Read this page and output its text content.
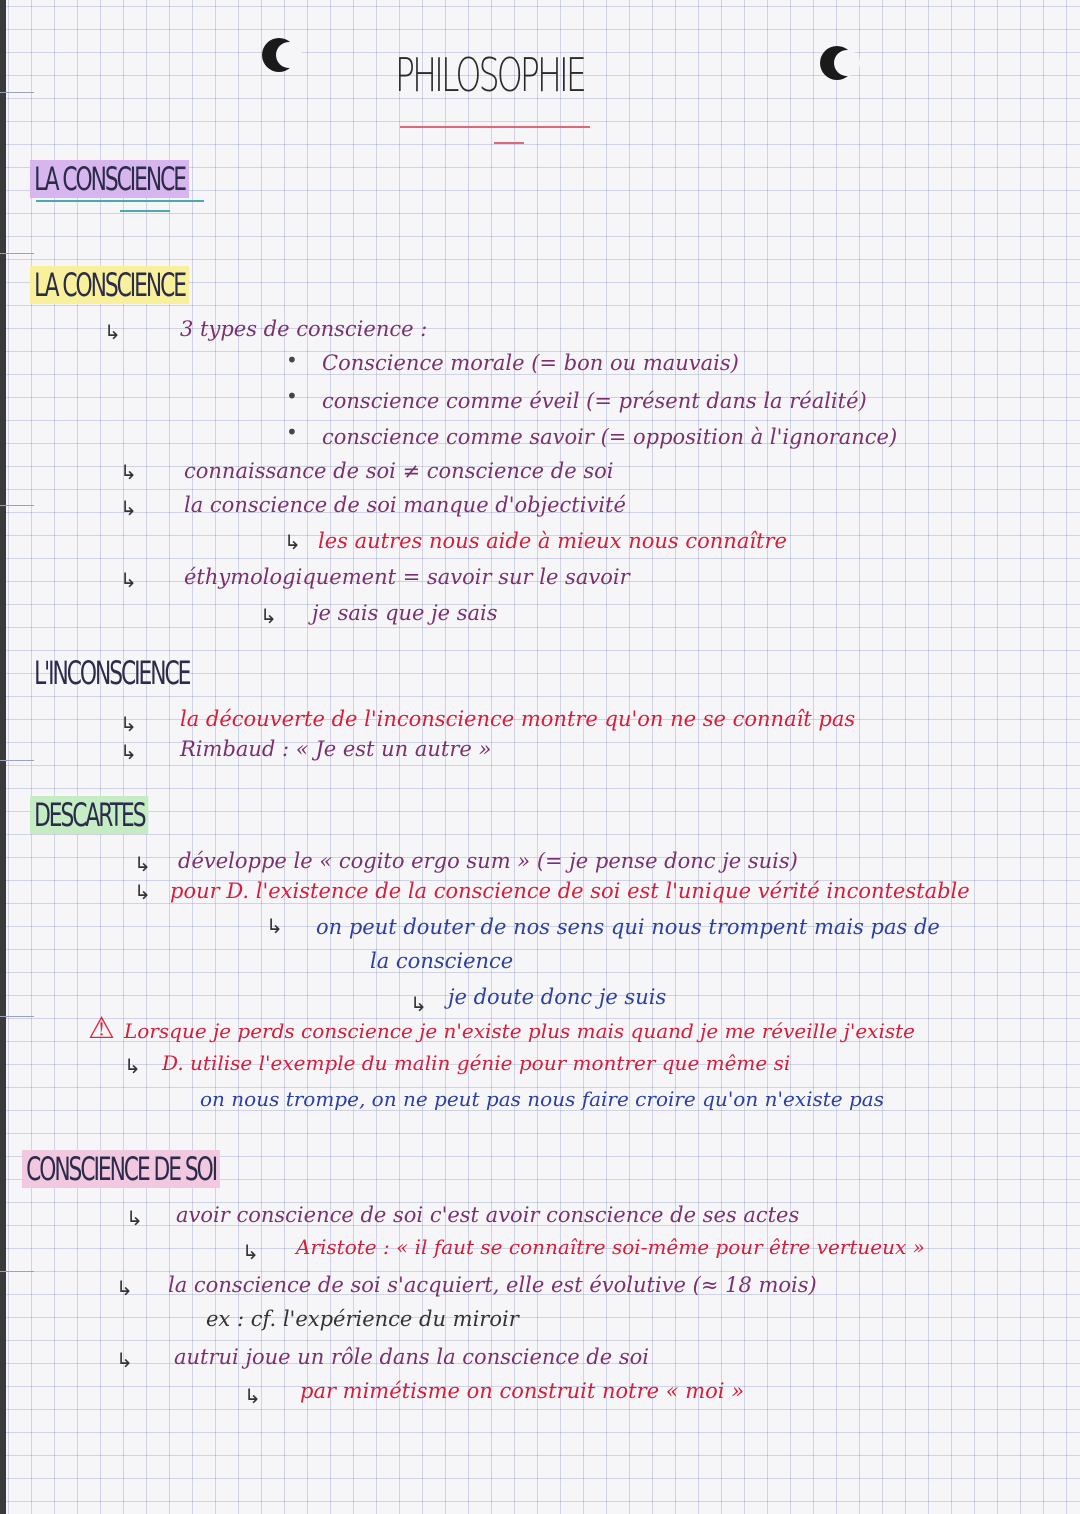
PHILOSOPHIE
LA CONSCIENCE
LA CONSCIENCE
↳	3 types de conscience :
• Conscience morale (= bon ou mauvais)
• conscience comme éveil (= présent dans la réalité)
• conscience comme savoir (= opposition à l'ignorance)
↳ connaissance de soi ≠ conscience de soi
↳ la conscience de soi manque d'objectivité
↳ les autres nous aide à mieux nous connaître
↳ éthymologiquement = savoir sur le savoir
↳ je sais que je sais
L'INCONSCIENCE
↳ la découverte de l'inconscience montre qu'on ne se connaît pas
↳ Rimbaud : « Je est un autre »
DESCARTES
↳ développe le « cogito ergo sum » (= je pense donc je suis)
↳ pour D. l'existence de la conscience de soi est l'unique vérité incontestable
↳ on peut douter de nos sens qui nous trompent mais pas de
la conscience
↳ je doute donc je suis
⚠ Lorsque je perds conscience je n'existe plus mais quand je me réveille j'existe
↳ D. utilise l'exemple du malin génie pour montrer que même si
on nous trompe, on ne peut pas nous faire croire qu'on n'existe pas
CONSCIENCE DE SOI
↳ avoir conscience de soi c'est avoir conscience de ses actes
↳ Aristote : « il faut se connaître soi-même pour être vertueux »
↳ la conscience de soi s'acquiert, elle est évolutive (≈ 18 mois)
ex : cf. l'expérience du miroir
↳ autrui joue un rôle dans la conscience de soi
↳ par mimétisme on construit notre « moi »
